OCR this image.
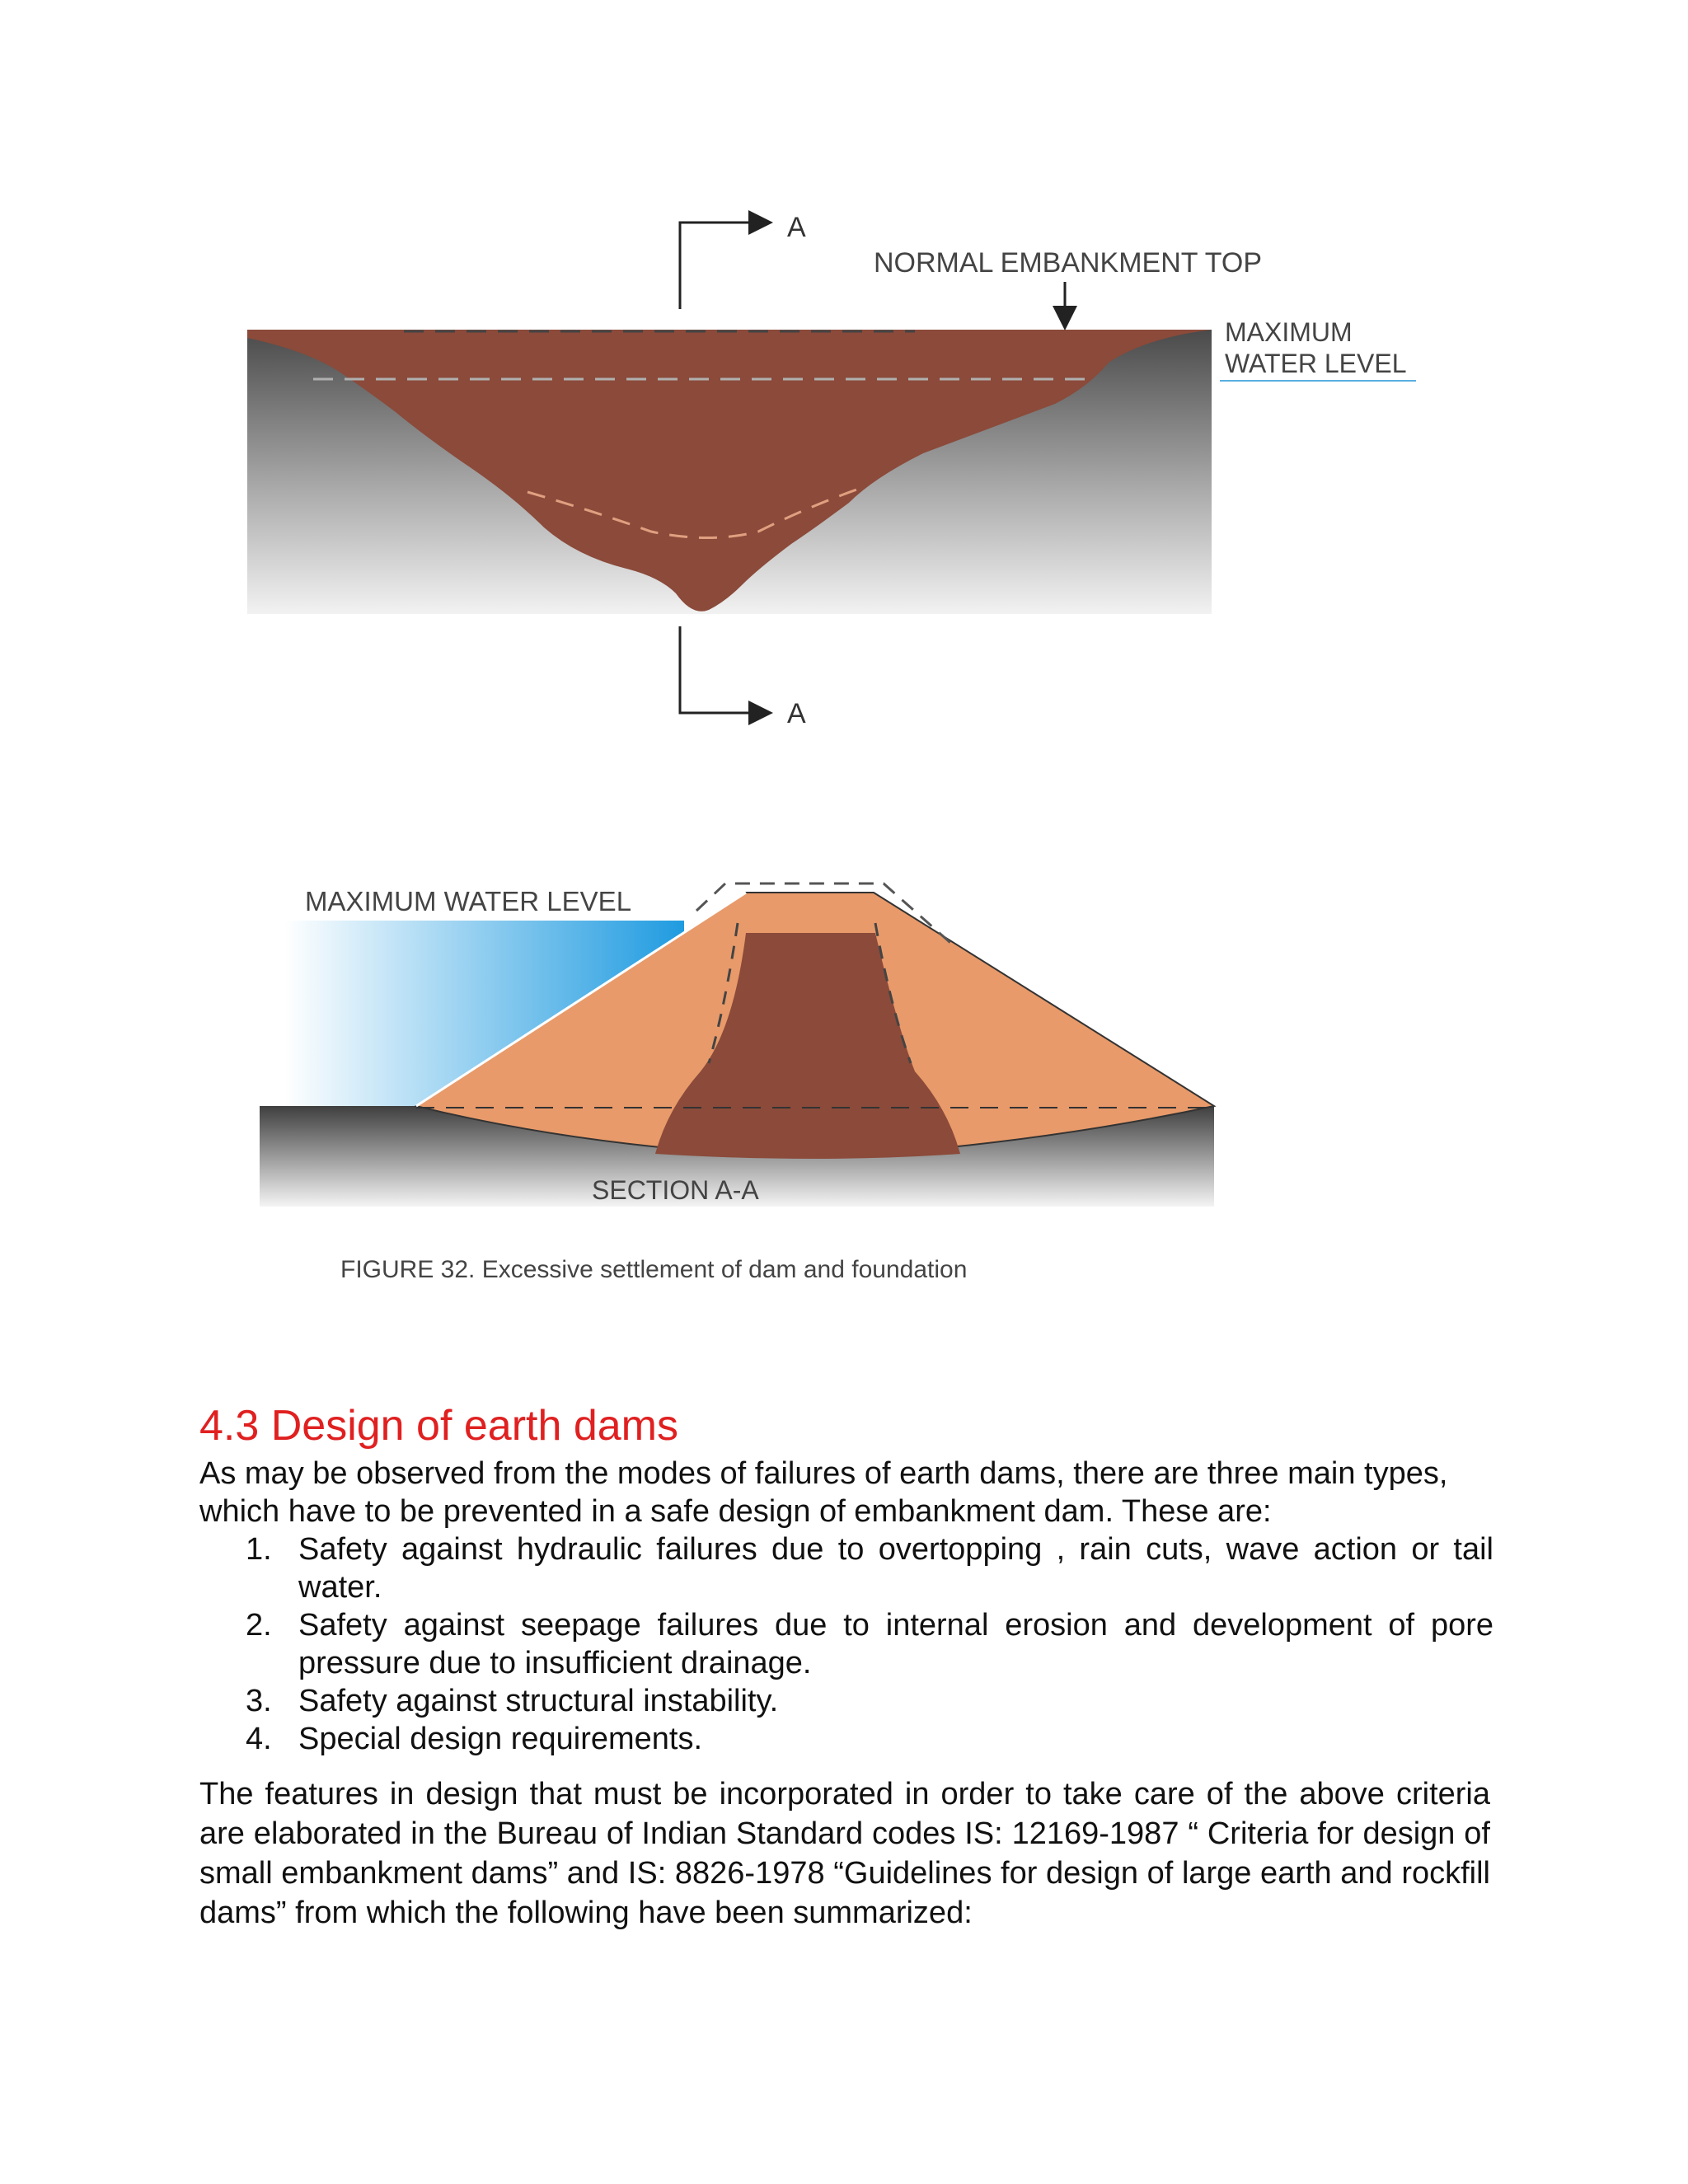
A
A
NORMAL EMBANKMENT TOP
MAXIMUM
WATER LEVEL
MAXIMUM WATER LEVEL
SECTION A-A
FIGURE 32. Excessive settlement of dam and foundation
4.3 Design of earth dams

As may be observed from the modes of failures of earth dams, there are three main types, which have to be prevented in a safe design of embankment dam. These are:

1. Safety against hydraulic failures due to overtopping , rain cuts, wave action or tail water.
2. Safety against seepage failures due to internal erosion and development of pore pressure due to insufficient drainage.
3. Safety against structural instability.
4. Special design requirements.

The features in design that must be incorporated in order to take care of the above criteria are elaborated in the Bureau of Indian Standard codes IS: 12169-1987 “ Criteria for design of small embankment dams” and IS: 8826-1978 “Guidelines for design of large earth and rockfill dams” from which the following have been summarized:
